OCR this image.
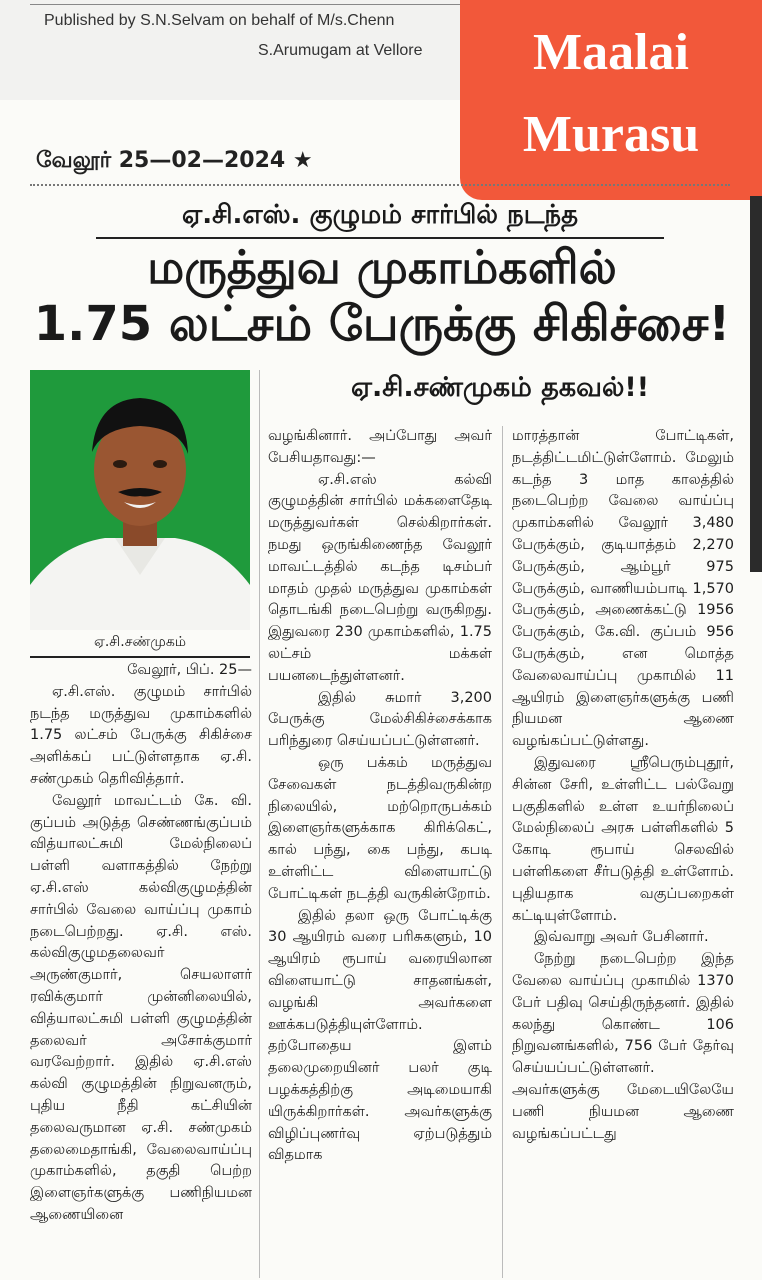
Published by S.N.Selvam on behalf of M/s.Chenn
S.Arumugam at Vellore	Maalai
Murasu
வேலூர் 25—02—2024 ★
ஏ.சி.எஸ். குழுமம் சார்பில் நடந்த
மருத்துவ முகாம்களில்
1.75 லட்சம் பேருக்கு சிகிச்சை!
ஏ.சி.சண்முகம் தகவல்!!
ஏ.சி.சண்முகம்

வேலூர், பிப். 25—

ஏ.சி.எஸ். குழுமம் சார்பில் நடந்த மருத்துவ முகாம்களில் 1.75 லட்சம் பேருக்கு சிகிச்சை அளிக்கப் பட்டுள்ளதாக ஏ.சி. சண்முகம் தெரிவித்தார்.

வேலூர் மாவட்டம் கே. வி. குப்பம் அடுத்த செண்ணங்குப்பம் வித்யாலட்சுமி மேல்நிலைப் பள்ளி வளாகத்தில் நேற்று ஏ.சி.எஸ் கல்விகுழுமத்தின் சார்பில் வேலை வாய்ப்பு முகாம் நடைபெற்றது. ஏ.சி. எஸ். கல்விகுழுமதலைவர் அருண்குமார், செயலாளர் ரவிக்குமார் முன்னிலையில், வித்யாலட்சுமி பள்ளி குழுமத்தின் தலைவர் அசோக்குமார் வரவேற்றார். இதில் ஏ.சி.எஸ் கல்வி குழுமத்தின் நிறுவனரும், புதிய நீதி கட்சியின் தலைவருமான ஏ.சி. சண்முகம் தலைமைதாங்கி, வேலைவாய்ப்பு முகாம்களில், தகுதி பெற்ற இளைஞர்களுக்கு பணிநியமன ஆணையினை

வழங்கினார். அப்போது அவர் பேசியதாவது:—

ஏ.சி.எஸ் கல்வி குழுமத்தின் சார்பில் மக்களைதேடி மருத்துவர்கள் செல்கிறார்கள். நமது ஒருங்கிணைந்த வேலூர் மாவட்டத்தில் கடந்த டிசம்பர் மாதம் முதல் மருத்துவ முகாம்கள் தொடங்கி நடைபெற்று வருகிறது. இதுவரை 230 முகாம்களில், 1.75 லட்சம் மக்கள் பயனடைந்துள்ளனர்.

இதில் சுமார் 3,200 பேருக்கு மேல்சிகிச்சைக்காக பரிந்துரை செய்யப்பட்டுள்ளனர்.

ஒரு பக்கம் மருத்துவ சேவைகள் நடத்திவருகின்ற நிலையில், மற்றொருபக்கம் இளைஞர்களுக்காக கிரிக்கெட், கால் பந்து, கை பந்து, கபடி உள்ளிட்ட விளையாட்டு போட்டிகள் நடத்தி வருகின்றோம்.

இதில் தலா ஒரு போட்டிக்கு 30 ஆயிரம் வரை பரிசுகளும், 10 ஆயிரம் ரூபாய் வரையிலான விளையாட்டு சாதனங்கள், வழங்கி அவர்களை ஊக்கபடுத்தியுள்ளோம். தற்போதைய இளம் தலைமுறையினர் பலர் குடி பழக்கத்திற்கு அடிமையாகி யிருக்கிறார்கள். அவர்களுக்கு விழிப்புணர்வு ஏற்படுத்தும் விதமாக

மாரத்தான் போட்டிகள், நடத்திட்டமிட்டுள்ளோம். மேலும் கடந்த 3 மாத காலத்தில் நடைபெற்ற வேலை வாய்ப்பு முகாம்களில் வேலூர் 3,480 பேருக்கும், குடியாத்தம் 2,270 பேருக்கும், ஆம்பூர் 975 பேருக்கும், வாணியம்பாடி 1,570 பேருக்கும், அணைக்கட்டு 1956 பேருக்கும், கே.வி. குப்பம் 956 பேருக்கும், என மொத்த வேலைவாய்ப்பு முகாமில் 11 ஆயிரம் இளைஞர்களுக்கு பணி நியமன ஆணை வழங்கப்பட்டுள்ளது.

இதுவரை ஸ்ரீபெரும்புதூர், சின்ன சேரி, உள்ளிட்ட பல்வேறு பகுதிகளில் உள்ள உயர்நிலைப் மேல்நிலைப் அரசு பள்ளிகளில் 5 கோடி ரூபாய் செலவில் பள்ளிகளை சீர்படுத்தி உள்ளோம். புதியதாக வகுப்பறைகள் கட்டியுள்ளோம்.

இவ்வாறு அவர் பேசினார்.

நேற்று நடைபெற்ற இந்த வேலை வாய்ப்பு முகாமில் 1370 பேர் பதிவு செய்திருந்தனர். இதில் கலந்து கொண்ட 106 நிறுவனங்களில், 756 பேர் தேர்வு செய்யப்பட்டுள்ளனர். அவர்களுக்கு மேடையிலேயே பணி நியமன ஆணை வழங்கப்பட்டது
